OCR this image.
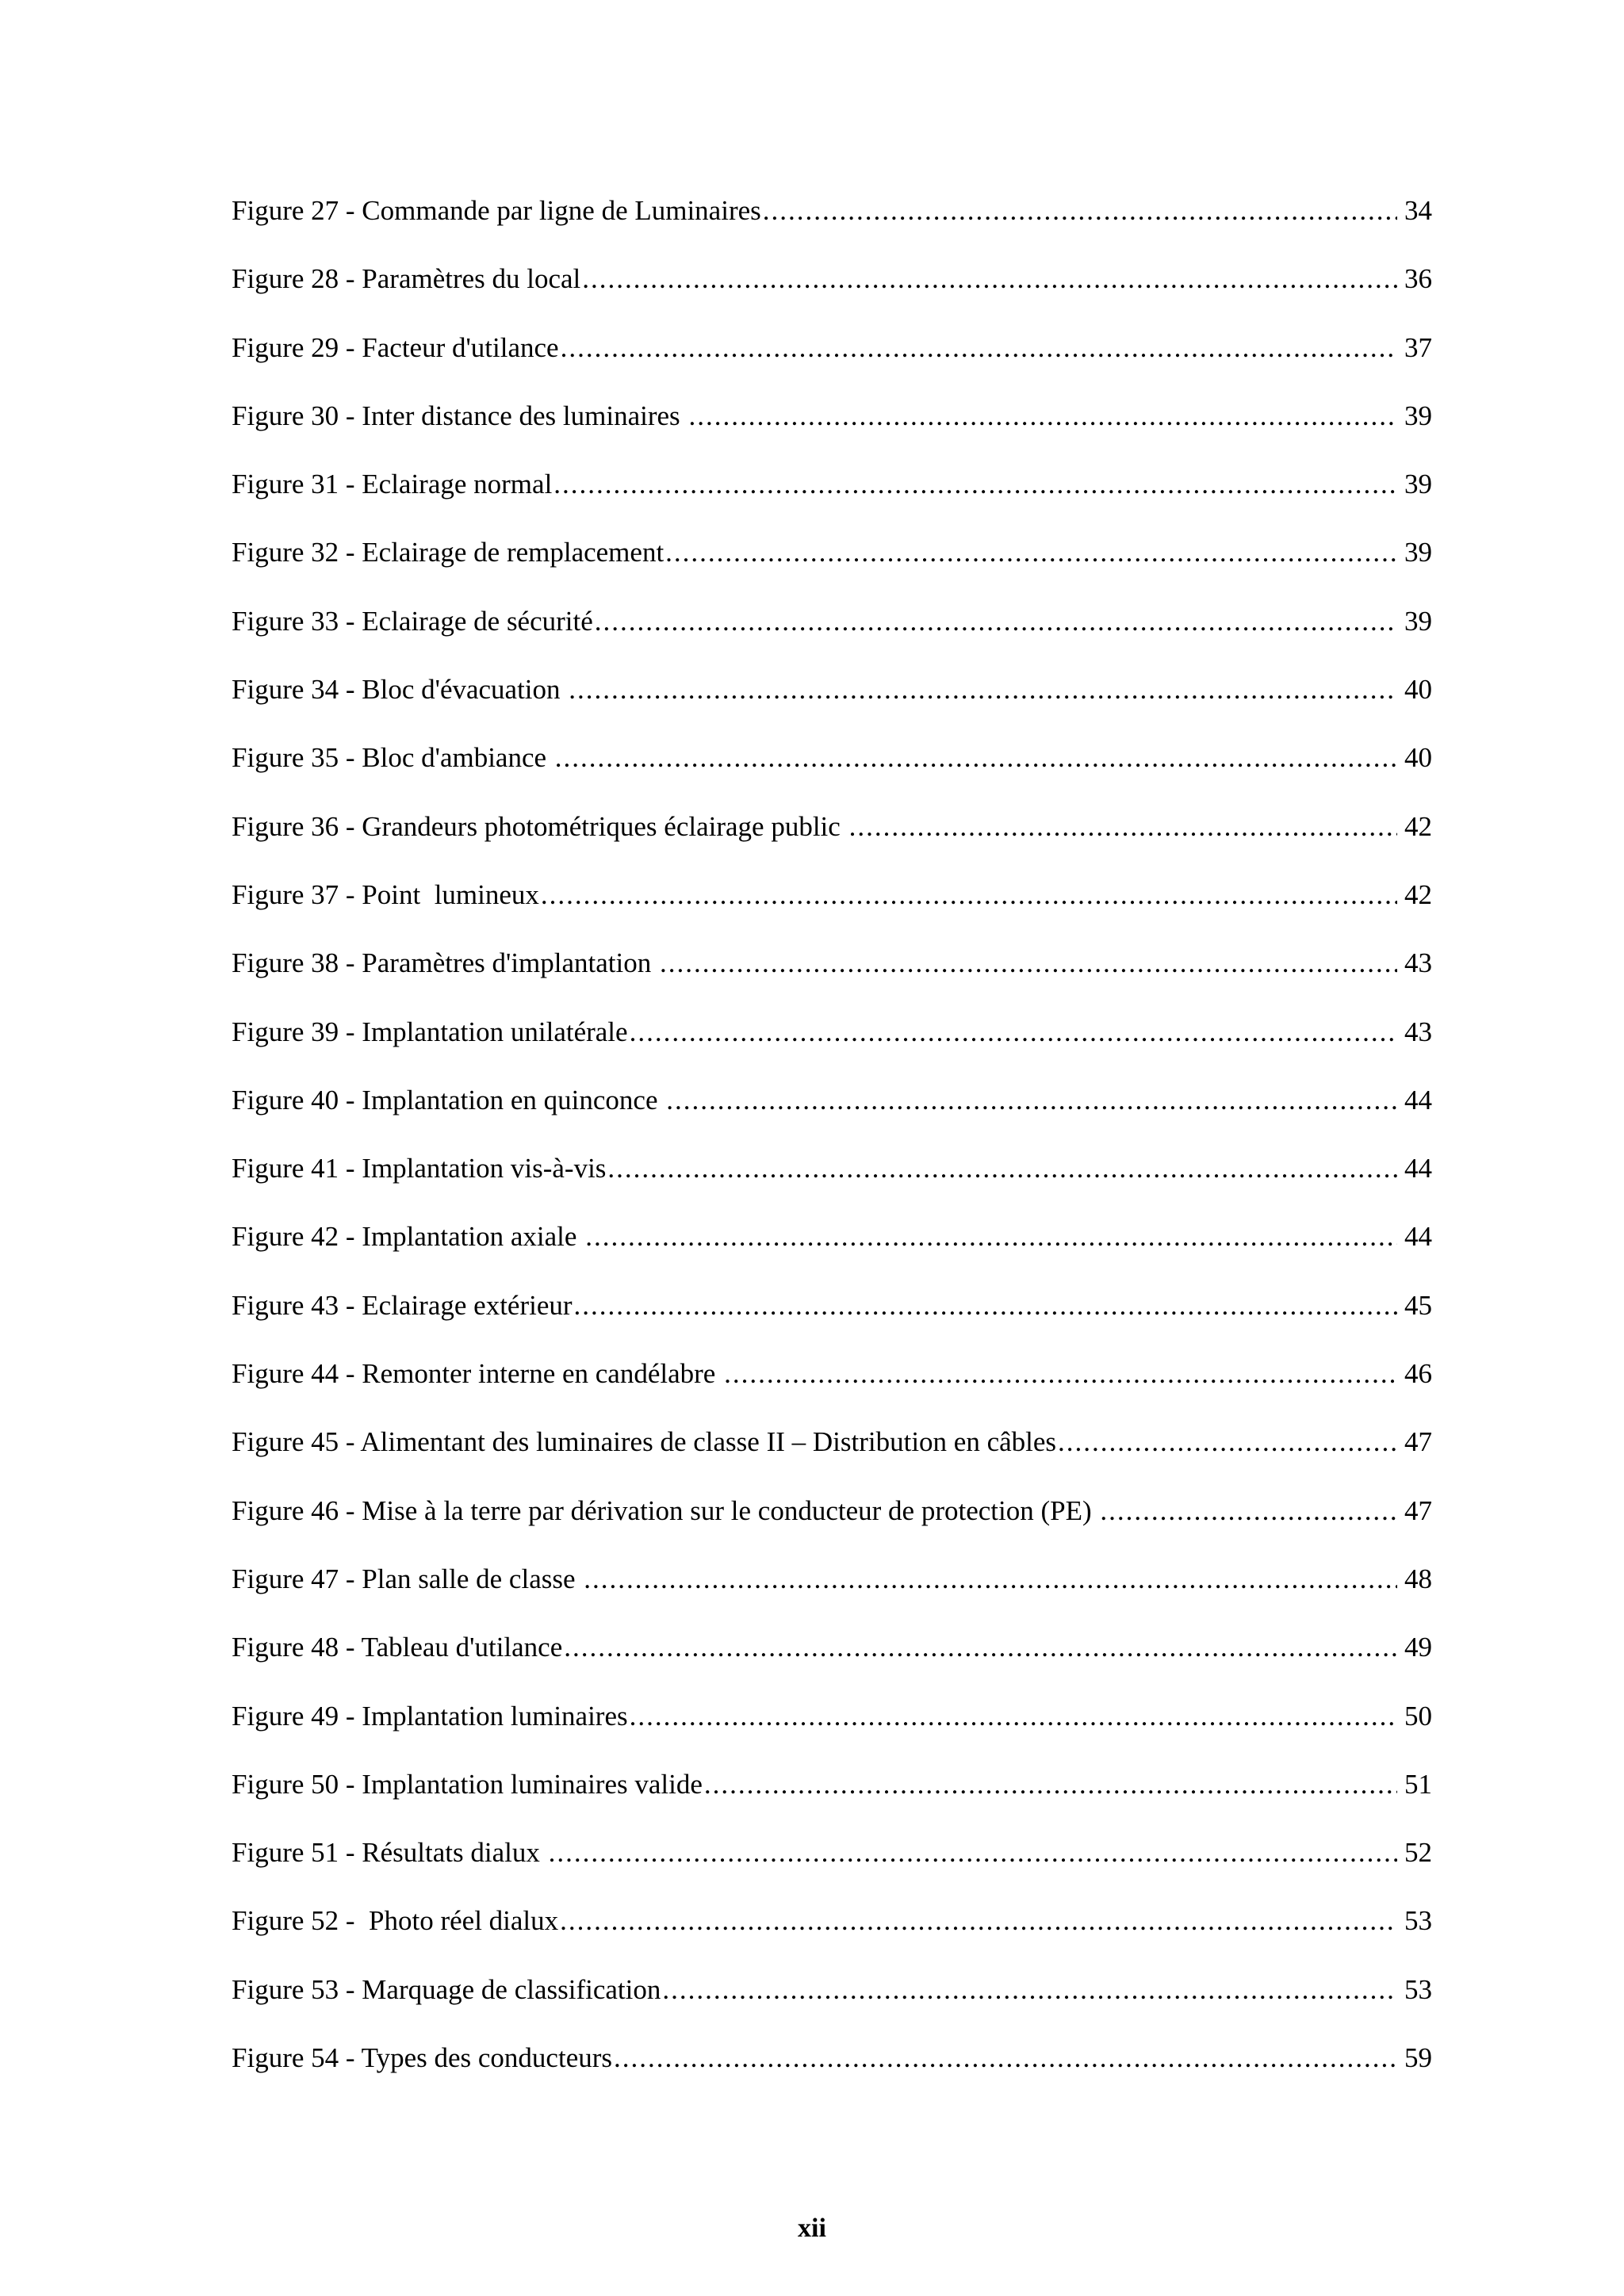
Figure 27 - Commande par ligne de Luminaires .....	34
Figure 28 - Paramètres du local .....	36
Figure 29 - Facteur d'utilance .....	37
Figure 30 - Inter distance des luminaires .....	39
Figure 31 - Eclairage normal .....	39
Figure 32 - Eclairage de remplacement .....	39
Figure 33 - Eclairage de sécurité .....	39
Figure 34 - Bloc d'évacuation .....	40
Figure 35 - Bloc d'ambiance .....	40
Figure 36 - Grandeurs photométriques éclairage public .....	42
Figure 37 - Point  lumineux .....	42
Figure 38 - Paramètres d'implantation .....	43
Figure 39 - Implantation unilatérale .....	43
Figure 40 - Implantation en quinconce .....	44
Figure 41 - Implantation vis-à-vis .....	44
Figure 42 - Implantation axiale .....	44
Figure 43 - Eclairage extérieur .....	45
Figure 44 - Remonter interne en candélabre .....	46
Figure 45 - Alimentant des luminaires de classe II – Distribution en câbles .....	47
Figure 46 - Mise à la terre par dérivation sur le conducteur de protection (PE) .....	47
Figure 47 - Plan salle de classe .....	48
Figure 48 - Tableau d'utilance .....	49
Figure 49 - Implantation luminaires .....	50
Figure 50 - Implantation luminaires valide .....	51
Figure 51 - Résultats dialux .....	52
Figure 52 -  Photo réel dialux .....	53
Figure 53 - Marquage de classification .....	53
Figure 54 - Types des conducteurs .....	59
xii
